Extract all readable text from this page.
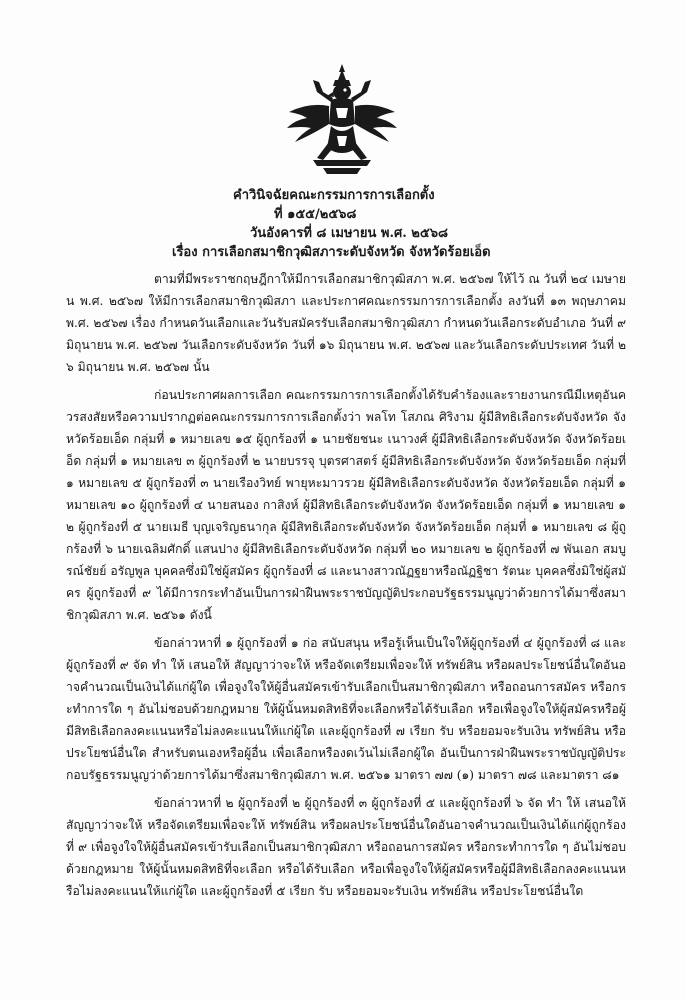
คำวินิจฉัยคณะกรรมการการเลือกตั้ง
ที่ ๑๕๕/๒๕๖๘
วันอังคารที่ ๘ เมษายน พ.ศ. ๒๕๖๘
เรื่อง การเลือกสมาชิกวุฒิสภาระดับจังหวัด จังหวัดร้อยเอ็ด

ตามที่มีพระราชกฤษฎีกาให้มีการเลือกสมาชิกวุฒิสภา พ.ศ. ๒๕๖๗ ให้ไว้ ณ วันที่ ๒๔ เมษายน พ.ศ. ๒๕๖๗ ให้มีการเลือกสมาชิกวุฒิสภา และประกาศคณะกรรมการการเลือกตั้ง ลงวันที่ ๑๓ พฤษภาคม พ.ศ. ๒๕๖๗ เรื่อง กำหนดวันเลือกและวันรับสมัครรับเลือกสมาชิกวุฒิสภา กำหนดวันเลือกระดับอำเภอ วันที่ ๙ มิถุนายน พ.ศ. ๒๕๖๗ วันเลือกระดับจังหวัด วันที่ ๑๖ มิถุนายน พ.ศ. ๒๕๖๗ และวันเลือกระดับประเทศ วันที่ ๒๖ มิถุนายน พ.ศ. ๒๕๖๗ นั้น

ก่อนประกาศผลการเลือก คณะกรรมการการเลือกตั้งได้รับคำร้องและรายงานกรณีมีเหตุอันควรสงสัยหรือความปรากฏต่อคณะกรรมการการเลือกตั้งว่า พลโท โสภณ ศิริงาม ผู้มีสิทธิเลือกระดับจังหวัด จังหวัดร้อยเอ็ด กลุ่มที่ ๑ หมายเลข ๑๕ ผู้ถูกร้องที่ ๑ นายชัยชนะ เนาวงศ์ ผู้มีสิทธิเลือกระดับจังหวัด จังหวัดร้อยเอ็ด กลุ่มที่ ๑ หมายเลข ๓ ผู้ถูกร้องที่ ๒ นายบรรจุ บุตรศาสตร์ ผู้มีสิทธิเลือกระดับจังหวัด จังหวัดร้อยเอ็ด กลุ่มที่ ๑ หมายเลข ๕ ผู้ถูกร้องที่ ๓ นายเรืองวิทย์ พายุหะมาวรวย ผู้มีสิทธิเลือกระดับจังหวัด จังหวัดร้อยเอ็ด กลุ่มที่ ๑ หมายเลข ๑๐ ผู้ถูกร้องที่ ๔ นายสนอง กาสิงห์ ผู้มีสิทธิเลือกระดับจังหวัด จังหวัดร้อยเอ็ด กลุ่มที่ ๑ หมายเลข ๑๒ ผู้ถูกร้องที่ ๕ นายเมธี บุญเจริญธนากุล ผู้มีสิทธิเลือกระดับจังหวัด จังหวัดร้อยเอ็ด กลุ่มที่ ๑ หมายเลข ๘ ผู้ถูกร้องที่ ๖ นายเฉลิมศักดิ์ แสนปาง ผู้มีสิทธิเลือกระดับจังหวัด กลุ่มที่ ๒๐ หมายเลข ๒ ผู้ถูกร้องที่ ๗ พันเอก สมบูรณ์ชัยย์ อรัญพูล บุคคลซึ่งมิใช่ผู้สมัคร ผู้ถูกร้องที่ ๘ และนางสาวณัฏฐยาหรือณัฏฐิชา รัตนะ บุคคลซึ่งมิใช่ผู้สมัคร ผู้ถูกร้องที่ ๙ ได้มีการกระทำอันเป็นการฝ่าฝืนพระราชบัญญัติประกอบรัฐธรรมนูญว่าด้วยการได้มาซึ่งสมาชิกวุฒิสภา พ.ศ. ๒๕๖๑ ดังนี้

ข้อกล่าวหาที่ ๑ ผู้ถูกร้องที่ ๑ ก่อ สนับสนุน หรือรู้เห็นเป็นใจให้ผู้ถูกร้องที่ ๔ ผู้ถูกร้องที่ ๘ และผู้ถูกร้องที่ ๙ จัด ทำ ให้ เสนอให้ สัญญาว่าจะให้ หรือจัดเตรียมเพื่อจะให้ ทรัพย์สิน หรือผลประโยชน์อื่นใดอันอาจคำนวณเป็นเงินได้แก่ผู้ใด เพื่อจูงใจให้ผู้อื่นสมัครเข้ารับเลือกเป็นสมาชิกวุฒิสภา หรือถอนการสมัคร หรือกระทำการใด ๆ อันไม่ชอบด้วยกฎหมาย ให้ผู้นั้นหมดสิทธิที่จะเลือกหรือได้รับเลือก หรือเพื่อจูงใจให้ผู้สมัครหรือผู้มีสิทธิเลือกลงคะแนนหรือไม่ลงคะแนนให้แก่ผู้ใด และผู้ถูกร้องที่ ๗ เรียก รับ หรือยอมจะรับเงิน ทรัพย์สิน หรือประโยชน์อื่นใด สำหรับตนเองหรือผู้อื่น เพื่อเลือกหรืองดเว้นไม่เลือกผู้ใด อันเป็นการฝ่าฝืนพระราชบัญญัติประกอบรัฐธรรมนูญว่าด้วยการได้มาซึ่งสมาชิกวุฒิสภา พ.ศ. ๒๕๖๑ มาตรา ๗๗ (๑) มาตรา ๗๘ และมาตรา ๘๑

ข้อกล่าวหาที่ ๒ ผู้ถูกร้องที่ ๒ ผู้ถูกร้องที่ ๓ ผู้ถูกร้องที่ ๕ และผู้ถูกร้องที่ ๖ จัด ทำ ให้ เสนอให้ สัญญาว่าจะให้ หรือจัดเตรียมเพื่อจะให้ ทรัพย์สิน หรือผลประโยชน์อื่นใดอันอาจคำนวณเป็นเงินได้แก่ผู้ถูกร้องที่ ๙ เพื่อจูงใจให้ผู้อื่นสมัครเข้ารับเลือกเป็นสมาชิกวุฒิสภา หรือถอนการสมัคร หรือกระทำการใด ๆ อันไม่ชอบด้วยกฎหมาย ให้ผู้นั้นหมดสิทธิที่จะเลือก หรือได้รับเลือก หรือเพื่อจูงใจให้ผู้สมัครหรือผู้มีสิทธิเลือกลงคะแนนหรือไม่ลงคะแนนให้แก่ผู้ใด และผู้ถูกร้องที่ ๕ เรียก รับ หรือยอมจะรับเงิน ทรัพย์สิน หรือประโยชน์อื่นใด
